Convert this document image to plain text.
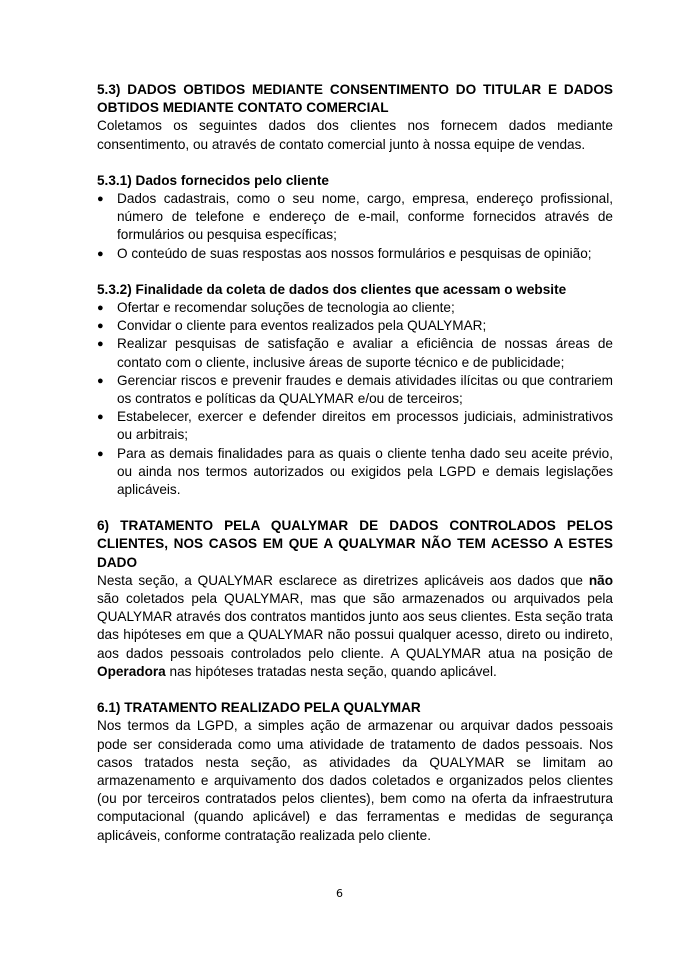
5.3) DADOS OBTIDOS MEDIANTE CONSENTIMENTO DO TITULAR E DADOS OBTIDOS MEDIANTE CONTATO COMERCIAL

Coletamos os seguintes dados dos clientes nos fornecem dados mediante consentimento, ou através de contato comercial junto à nossa equipe de vendas.

5.3.1) Dados fornecidos pelo cliente
● Dados cadastrais, como o seu nome, cargo, empresa, endereço profissional, número de telefone e endereço de e-mail, conforme fornecidos através de formulários ou pesquisa específicas;
● O conteúdo de suas respostas aos nossos formulários e pesquisas de opinião;
5.3.2) Finalidade da coleta de dados dos clientes que acessam o website
● Ofertar e recomendar soluções de tecnologia ao cliente;
● Convidar o cliente para eventos realizados pela QUALYMAR;
● Realizar pesquisas de satisfação e avaliar a eficiência de nossas áreas de contato com o cliente, inclusive áreas de suporte técnico e de publicidade;
● Gerenciar riscos e prevenir fraudes e demais atividades ilícitas ou que contrariem os contratos e políticas da QUALYMAR e/ou de terceiros;
● Estabelecer, exercer e defender direitos em processos judiciais, administrativos ou arbitrais;
● Para as demais finalidades para as quais o cliente tenha dado seu aceite prévio, ou ainda nos termos autorizados ou exigidos pela LGPD e demais legislações aplicáveis.
6) TRATAMENTO PELA QUALYMAR DE DADOS CONTROLADOS PELOS CLIENTES, NOS CASOS EM QUE A QUALYMAR NÃO TEM ACESSO A ESTES DADO

Nesta seção, a QUALYMAR esclarece as diretrizes aplicáveis aos dados que não são coletados pela QUALYMAR, mas que são armazenados ou arquivados pela QUALYMAR através dos contratos mantidos junto aos seus clientes. Esta seção trata das hipóteses em que a QUALYMAR não possui qualquer acesso, direto ou indireto, aos dados pessoais controlados pelo cliente. A QUALYMAR atua na posição de Operadora nas hipóteses tratadas nesta seção, quando aplicável.

6.1) TRATAMENTO REALIZADO PELA QUALYMAR

Nos termos da LGPD, a simples ação de armazenar ou arquivar dados pessoais pode ser considerada como uma atividade de tratamento de dados pessoais. Nos casos tratados nesta seção, as atividades da QUALYMAR se limitam ao armazenamento e arquivamento dos dados coletados e organizados pelos clientes (ou por terceiros contratados pelos clientes), bem como na oferta da infraestrutura computacional (quando aplicável) e das ferramentas e medidas de segurança aplicáveis, conforme contratação realizada pelo cliente.

6
